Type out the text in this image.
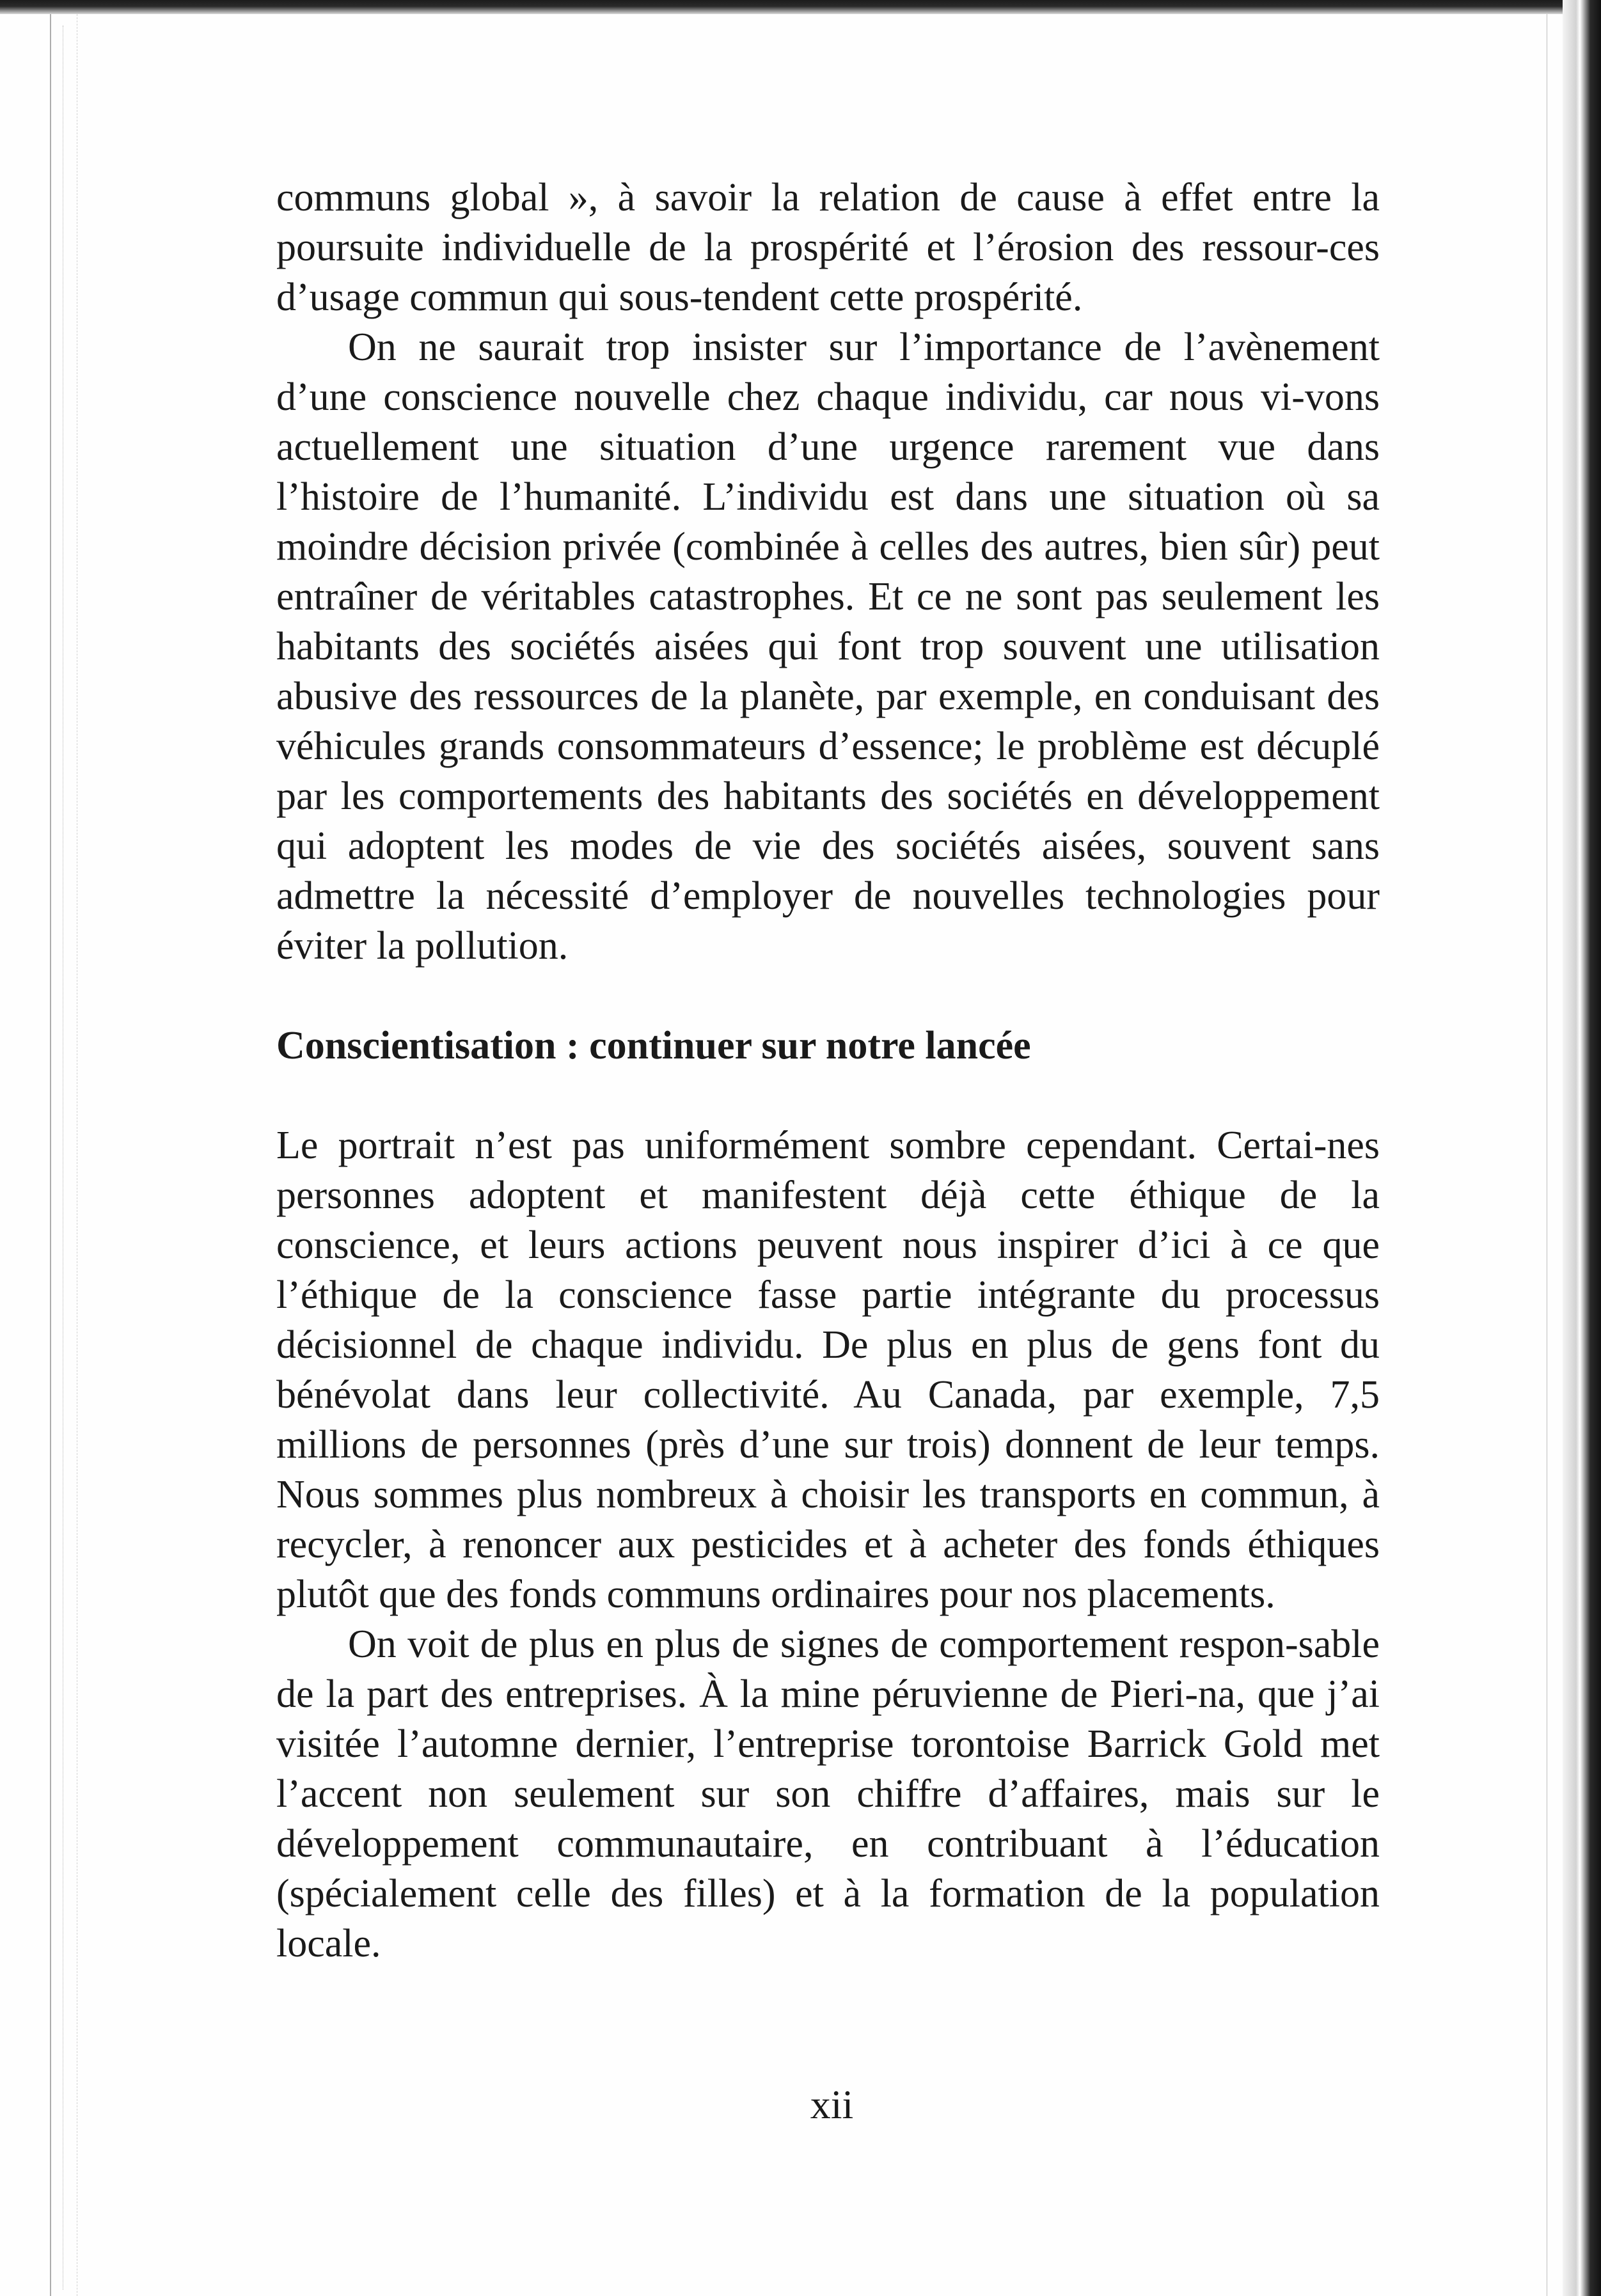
communs global », à savoir la relation de cause à effet entre la poursuite individuelle de la prospérité et l’érosion des ressour-ces d’usage commun qui sous-tendent cette prospérité.

On ne saurait trop insister sur l’importance de l’avènement d’une conscience nouvelle chez chaque individu, car nous vi-vons actuellement une situation d’une urgence rarement vue dans l’histoire de l’humanité. L’individu est dans une situation où sa moindre décision privée (combinée à celles des autres, bien sûr) peut entraîner de véritables catastrophes. Et ce ne sont pas seulement les habitants des sociétés aisées qui font trop souvent une utilisation abusive des ressources de la planète, par exemple, en conduisant des véhicules grands consommateurs d’essence; le problème est décuplé par les comportements des habitants des sociétés en développement qui adoptent les modes de vie des sociétés aisées, souvent sans admettre la nécessité d’employer de nouvelles technologies pour éviter la pollution.

Conscientisation : continuer sur notre lancée

Le portrait n’est pas uniformément sombre cependant. Certai-nes personnes adoptent et manifestent déjà cette éthique de la conscience, et leurs actions peuvent nous inspirer d’ici à ce que l’éthique de la conscience fasse partie intégrante du processus décisionnel de chaque individu. De plus en plus de gens font du bénévolat dans leur collectivité. Au Canada, par exemple, 7,5 millions de personnes (près d’une sur trois) donnent de leur temps. Nous sommes plus nombreux à choisir les transports en commun, à recycler, à renoncer aux pesticides et à acheter des fonds éthiques plutôt que des fonds communs ordinaires pour nos placements.

On voit de plus en plus de signes de comportement respon-sable de la part des entreprises. À la mine péruvienne de Pieri-na, que j’ai visitée l’automne dernier, l’entreprise torontoise Barrick Gold met l’accent non seulement sur son chiffre d’affaires, mais sur le développement communautaire, en contribuant à l’éducation (spécialement celle des filles) et à la formation de la population locale.

xii
